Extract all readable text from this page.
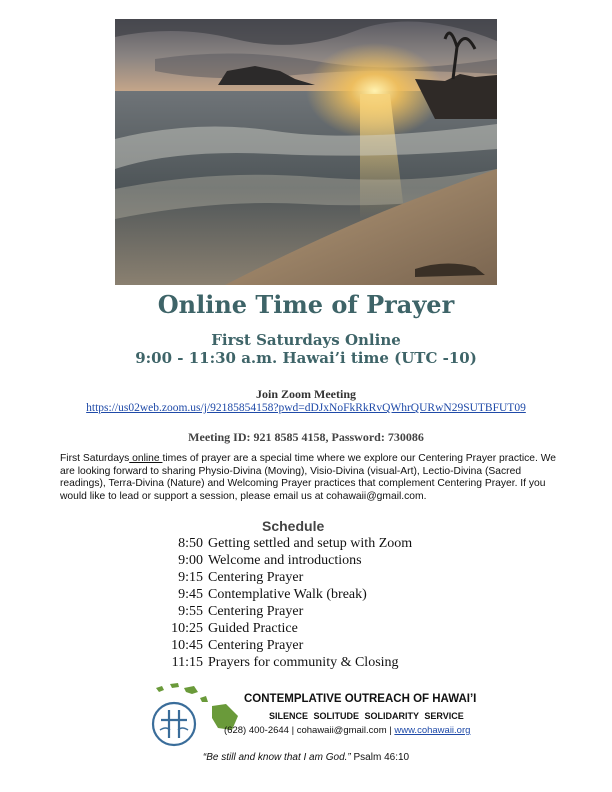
Online Time of Prayer
First Saturdays Online
9:00 - 11:30 a.m. Hawai’i time (UTC -10)
Join Zoom Meeting
https://us02web.zoom.us/j/92185854158?pwd=dDJxNoFkRkRvQWhrQURwN29SUTBFUT09
Meeting ID: 921 8585 4158, Password: 730086
First Saturdays online times of prayer are a special time where we explore our Centering Prayer practice. We are looking forward to sharing Physio-Divina (Moving), Visio-Divina (visual-Art), Lectio-Divina (Sacred readings), Terra-Divina (Nature) and Welcoming Prayer practices that complement Centering Prayer. If you would like to lead or support a session, please email us at cohawaii@gmail.com.
Schedule
8:50 Getting settled and setup with Zoom
9:00 Welcome and introductions
9:15 Centering Prayer
9:45 Contemplative Walk (break)
9:55 Centering Prayer
10:25 Guided Practice
10:45 Centering Prayer
11:15 Prayers for community & Closing
CONTEMPLATIVE OUTREACH OF HAWAI’I
SILENCE SOLITUDE SOLIDARITY SERVICE
(628) 400-2644 | cohawaii@gmail.com | www.cohawaii.org
“Be still and know that I am God.” Psalm 46:10
